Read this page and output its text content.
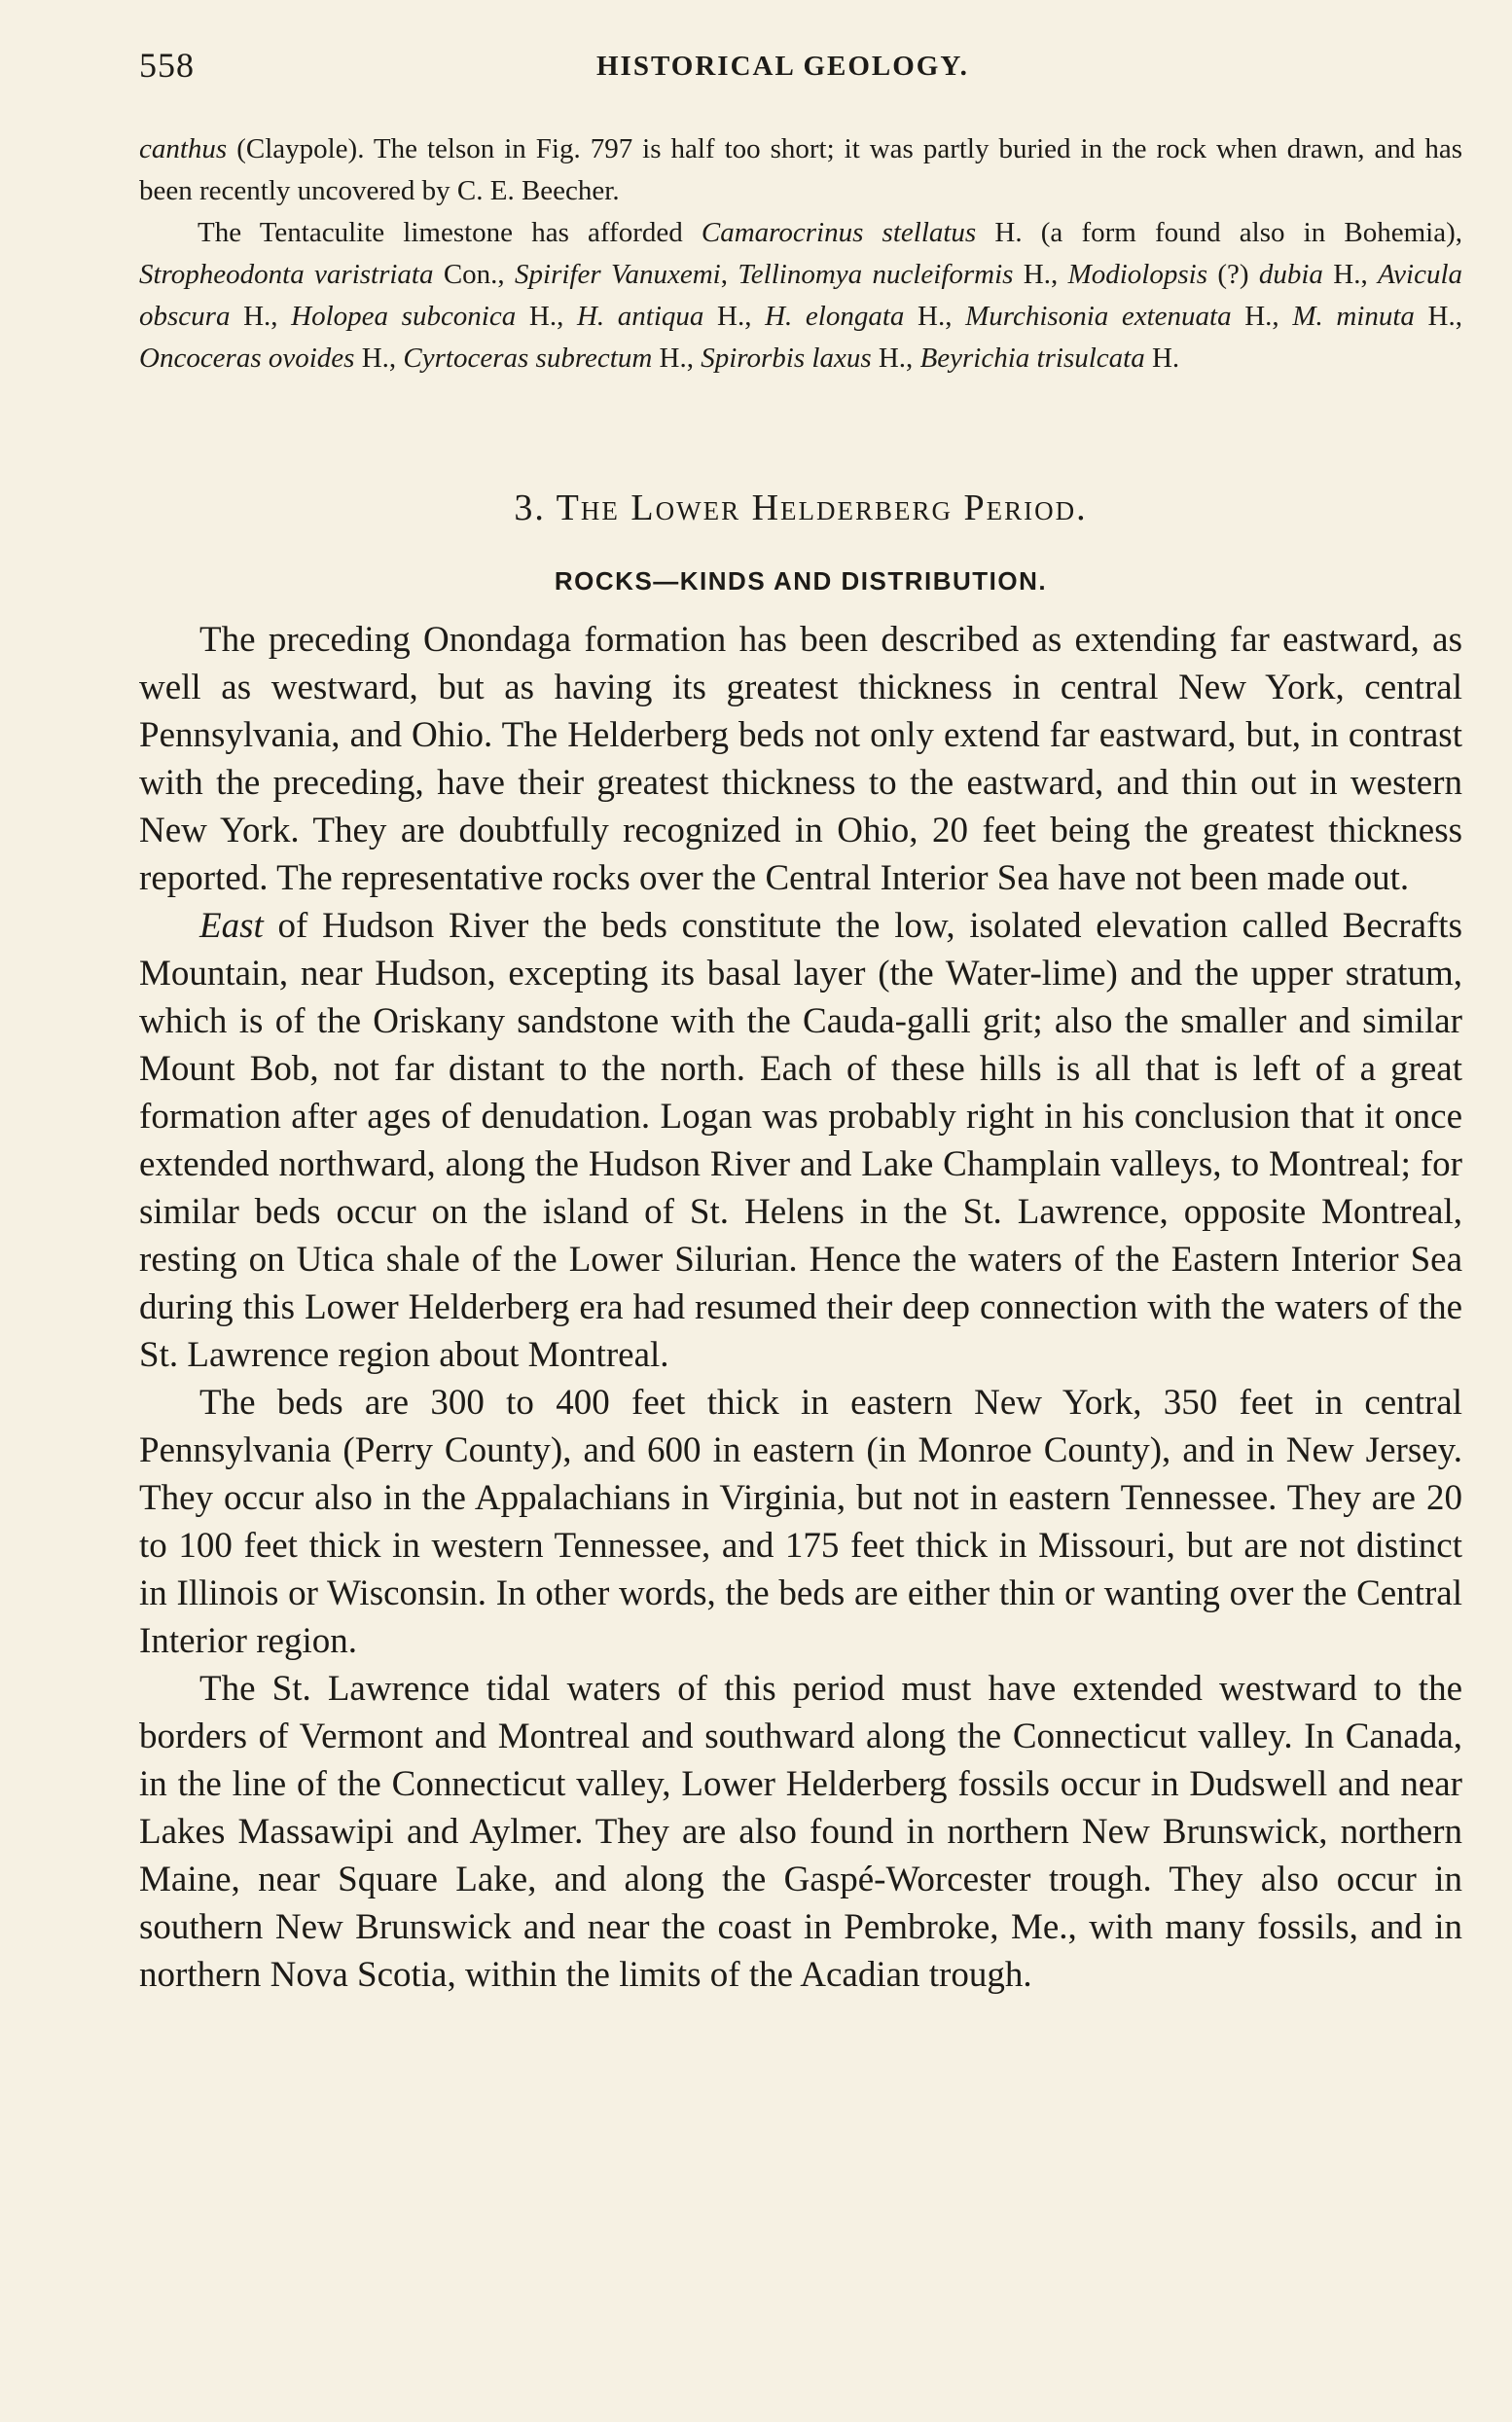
558	HISTORICAL GEOLOGY.

canthus (Claypole). The telson in Fig. 797 is half too short; it was partly buried in the rock when drawn, and has been recently uncovered by C. E. Beecher.

The Tentaculite limestone has afforded Camarocrinus stellatus H. (a form found also in Bohemia), Stropheodonta varistriata Con., Spirifer Vanuxemi, Tellinomya nucleiformis H., Modiolopsis (?) dubia H., Avicula obscura H., Holopea subconica H., H. antiqua H., H. elongata H., Murchisonia extenuata H., M. minuta H., Oncoceras ovoides H., Cyrtoceras subrectum H., Spirorbis laxus H., Beyrichia trisulcata H.

3. The Lower Helderberg Period.
ROCKS—KINDS AND DISTRIBUTION.

The preceding Onondaga formation has been described as extending far eastward, as well as westward, but as having its greatest thickness in central New York, central Pennsylvania, and Ohio. The Helderberg beds not only extend far eastward, but, in contrast with the preceding, have their greatest thickness to the eastward, and thin out in western New York. They are doubtfully recognized in Ohio, 20 feet being the greatest thickness reported. The representative rocks over the Central Interior Sea have not been made out.

East of Hudson River the beds constitute the low, isolated elevation called Becrafts Mountain, near Hudson, excepting its basal layer (the Water-lime) and the upper stratum, which is of the Oriskany sandstone with the Cauda-galli grit; also the smaller and similar Mount Bob, not far distant to the north. Each of these hills is all that is left of a great formation after ages of denudation. Logan was probably right in his conclusion that it once extended northward, along the Hudson River and Lake Champlain valleys, to Montreal; for similar beds occur on the island of St. Helens in the St. Lawrence, opposite Montreal, resting on Utica shale of the Lower Silurian. Hence the waters of the Eastern Interior Sea during this Lower Helderberg era had resumed their deep connection with the waters of the St. Lawrence region about Montreal.

The beds are 300 to 400 feet thick in eastern New York, 350 feet in central Pennsylvania (Perry County), and 600 in eastern (in Monroe County), and in New Jersey. They occur also in the Appalachians in Virginia, but not in eastern Tennessee. They are 20 to 100 feet thick in western Tennessee, and 175 feet thick in Missouri, but are not distinct in Illinois or Wisconsin. In other words, the beds are either thin or wanting over the Central Interior region.

The St. Lawrence tidal waters of this period must have extended westward to the borders of Vermont and Montreal and southward along the Connecticut valley. In Canada, in the line of the Connecticut valley, Lower Helderberg fossils occur in Dudswell and near Lakes Massawipi and Aylmer. They are also found in northern New Brunswick, northern Maine, near Square Lake, and along the Gaspé-Worcester trough. They also occur in southern New Brunswick and near the coast in Pembroke, Me., with many fossils, and in northern Nova Scotia, within the limits of the Acadian trough.
